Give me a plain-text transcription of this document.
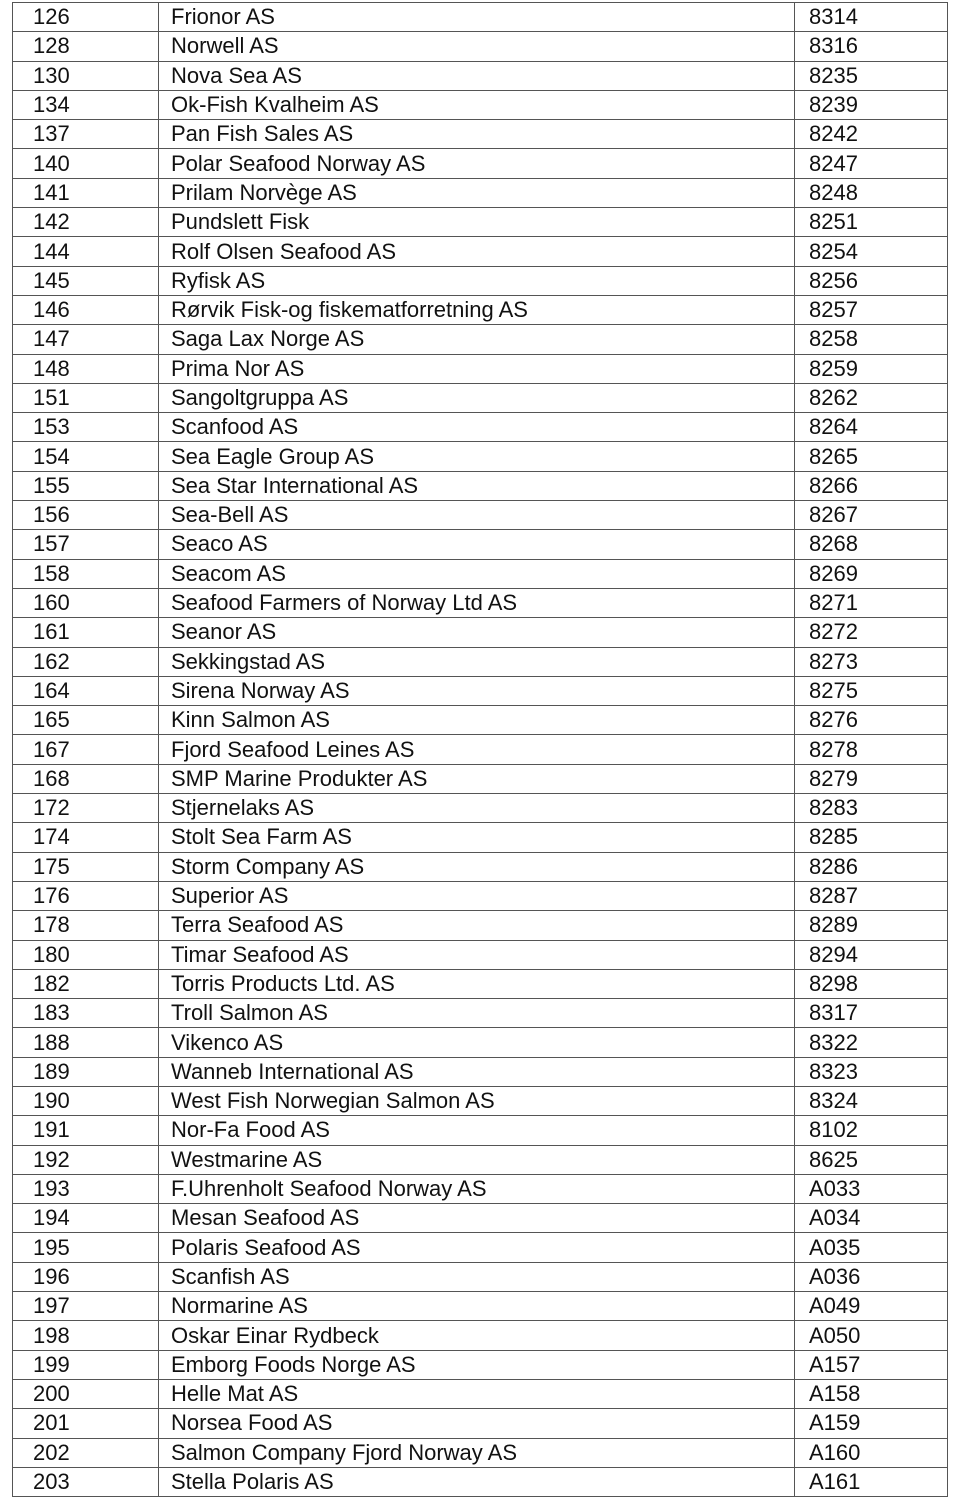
126	Frionor AS	8314
128	Norwell AS	8316
130	Nova Sea AS	8235
134	Ok-Fish Kvalheim AS	8239
137	Pan Fish Sales AS	8242
140	Polar Seafood Norway AS	8247
141	Prilam Norvège AS	8248
142	Pundslett Fisk	8251
144	Rolf Olsen Seafood AS	8254
145	Ryfisk AS	8256
146	Rørvik Fisk-og fiskematforretning AS	8257
147	Saga Lax Norge AS	8258
148	Prima Nor AS	8259
151	Sangoltgruppa AS	8262
153	Scanfood AS	8264
154	Sea Eagle Group AS	8265
155	Sea Star International AS	8266
156	Sea-Bell AS	8267
157	Seaco AS	8268
158	Seacom AS	8269
160	Seafood Farmers of Norway Ltd AS	8271
161	Seanor AS	8272
162	Sekkingstad AS	8273
164	Sirena Norway AS	8275
165	Kinn Salmon AS	8276
167	Fjord Seafood Leines AS	8278
168	SMP Marine Produkter AS	8279
172	Stjernelaks AS	8283
174	Stolt Sea Farm AS	8285
175	Storm Company AS	8286
176	Superior AS	8287
178	Terra Seafood AS	8289
180	Timar Seafood AS	8294
182	Torris Products Ltd. AS	8298
183	Troll Salmon AS	8317
188	Vikenco AS	8322
189	Wanneb International AS	8323
190	West Fish Norwegian Salmon AS	8324
191	Nor-Fa Food AS	8102
192	Westmarine AS	8625
193	F.Uhrenholt Seafood Norway AS	A033
194	Mesan Seafood AS	A034
195	Polaris Seafood AS	A035
196	Scanfish AS	A036
197	Normarine AS	A049
198	Oskar Einar Rydbeck	A050
199	Emborg Foods Norge AS	A157
200	Helle Mat AS	A158
201	Norsea Food AS	A159
202	Salmon Company Fjord Norway AS	A160
203	Stella Polaris AS	A161
